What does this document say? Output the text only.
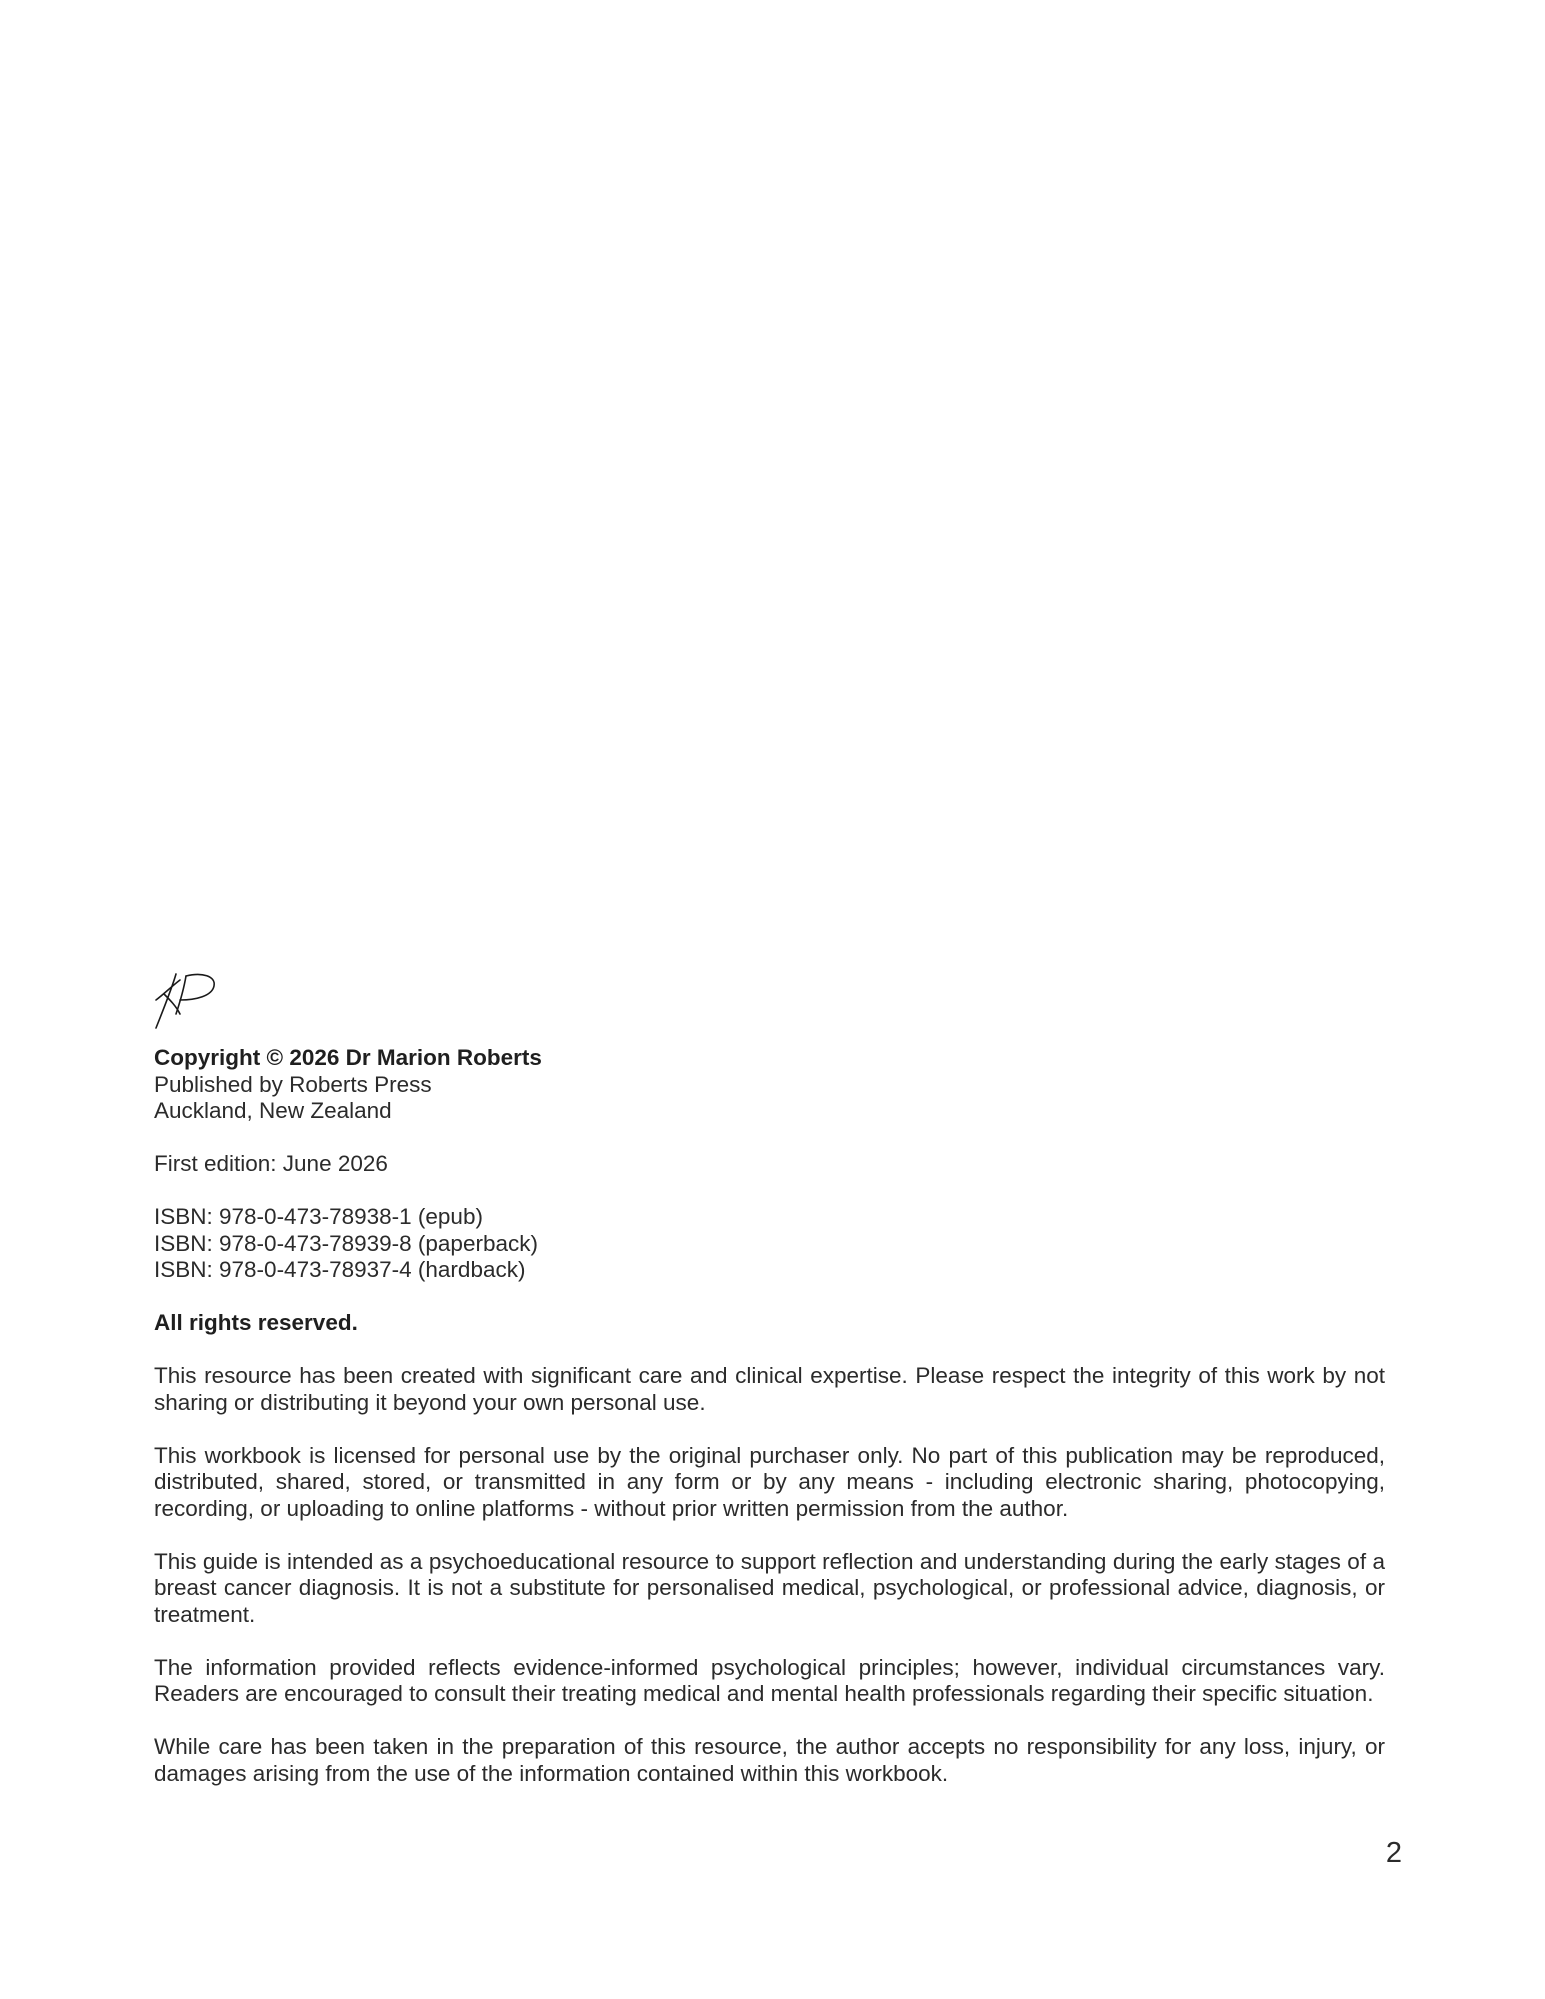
Copyright © 2026 Dr Marion Roberts

Published by Roberts Press

Auckland, New Zealand

First edition: June 2026

ISBN: 978-0-473-78938-1 (epub)

ISBN: 978-0-473-78939-8 (paperback)

ISBN: 978-0-473-78937-4 (hardback)

All rights reserved.

This resource has been created with significant care and clinical expertise. Please respect the integrity of this work by not sharing or distributing it beyond your own personal use.

This workbook is licensed for personal use by the original purchaser only. No part of this publication may be reproduced, distributed, shared, stored, or transmitted in any form or by any means - including electronic sharing, photocopying, recording, or uploading to online platforms - without prior written permission from the author.

This guide is intended as a psychoeducational resource to support reflection and understanding during the early stages of a breast cancer diagnosis. It is not a substitute for personalised medical, psychological, or professional advice, diagnosis, or treatment.

The information provided reflects evidence-informed psychological principles; however, individual circumstances vary. Readers are encouraged to consult their treating medical and mental health professionals regarding their specific situation.

While care has been taken in the preparation of this resource, the author accepts no responsibility for any loss, injury, or damages arising from the use of the information contained within this workbook.

2
